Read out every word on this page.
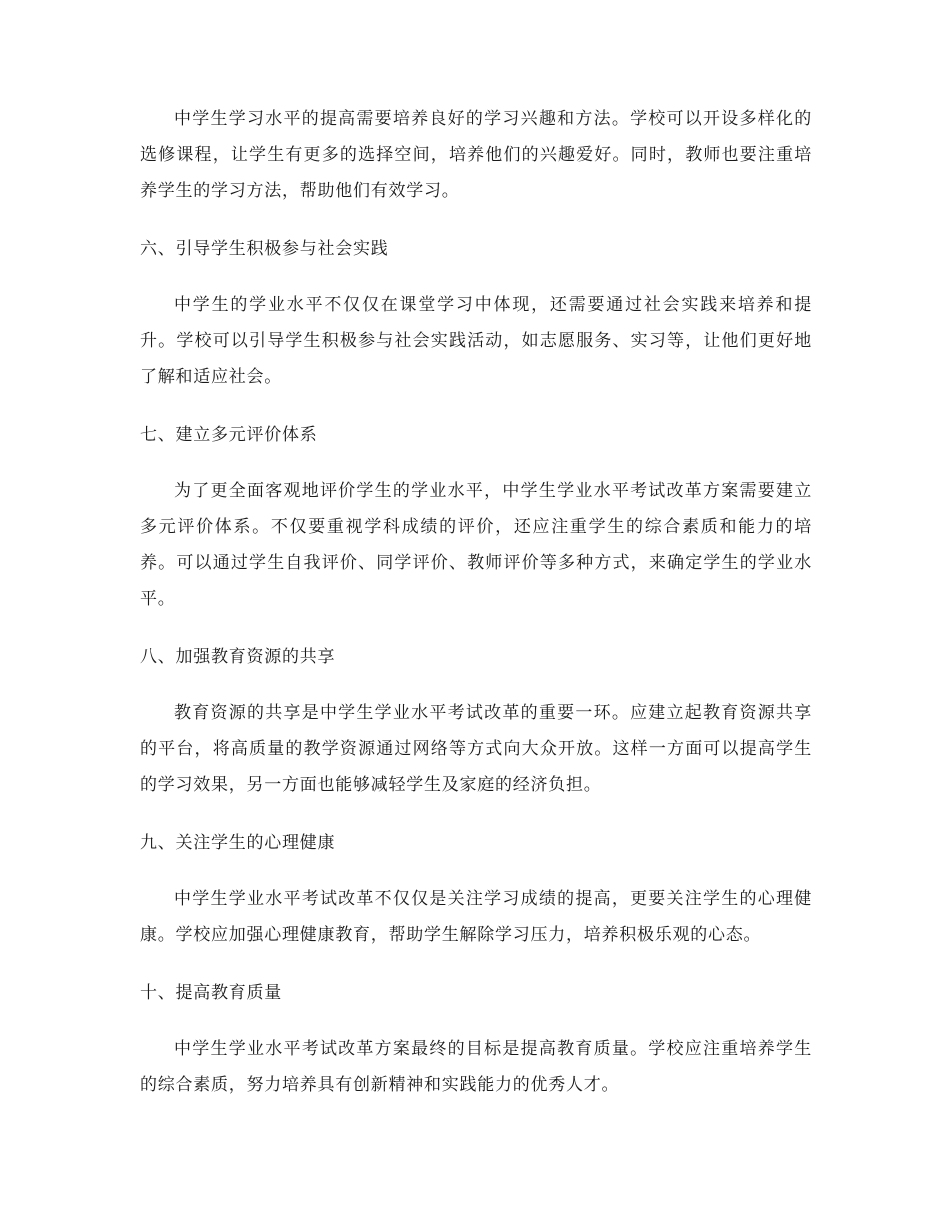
中学生学习水平的提高需要培养良好的学习兴趣和方法。学校可以开设多样化的选修课程，让学生有更多的选择空间，培养他们的兴趣爱好。同时，教师也要注重培养学生的学习方法，帮助他们有效学习。

六、引导学生积极参与社会实践

中学生的学业水平不仅仅在课堂学习中体现，还需要通过社会实践来培养和提升。学校可以引导学生积极参与社会实践活动，如志愿服务、实习等，让他们更好地了解和适应社会。

七、建立多元评价体系

为了更全面客观地评价学生的学业水平，中学生学业水平考试改革方案需要建立多元评价体系。不仅要重视学科成绩的评价，还应注重学生的综合素质和能力的培养。可以通过学生自我评价、同学评价、教师评价等多种方式，来确定学生的学业水平。

八、加强教育资源的共享

教育资源的共享是中学生学业水平考试改革的重要一环。应建立起教育资源共享的平台，将高质量的教学资源通过网络等方式向大众开放。这样一方面可以提高学生的学习效果，另一方面也能够减轻学生及家庭的经济负担。

九、关注学生的心理健康

中学生学业水平考试改革不仅仅是关注学习成绩的提高，更要关注学生的心理健康。学校应加强心理健康教育，帮助学生解除学习压力，培养积极乐观的心态。

十、提高教育质量

中学生学业水平考试改革方案最终的目标是提高教育质量。学校应注重培养学生的综合素质，努力培养具有创新精神和实践能力的优秀人才。
